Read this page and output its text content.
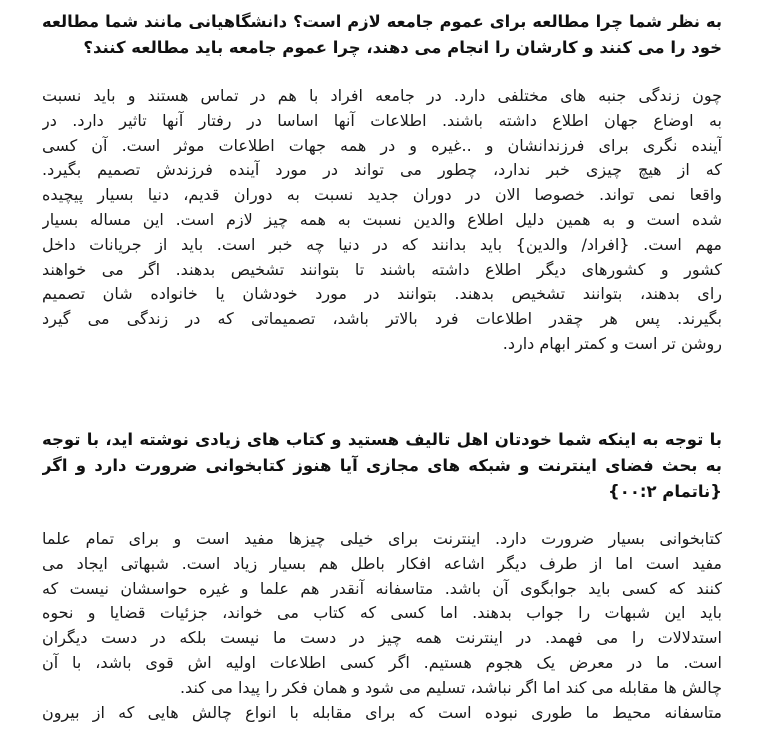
به نظر شما چرا مطالعه برای عموم جامعه لازم است؟ دانشگاهیانی مانند شما مطالعه
خود را می کنند و کارشان را انجام می دهند، چرا عموم جامعه باید مطالعه کنند؟
چون زندگی جنبه های مختلفی دارد. در جامعه افراد با هم در تماس هستند و باید نسبت
به اوضاع جهان اطلاع داشته باشند. اطلاعات آنها اساسا در رفتار آنها تاثیر دارد. در
آینده نگری برای فرزندانشان و ..غیره و در همه جهات اطلاعات موثر است. آن کسی
که از هیچ چیزی خبر ندارد، چطور می تواند در مورد آینده فرزندش تصمیم بگیرد.
واقعا نمی تواند. خصوصا الان در دوران جدید نسبت به دوران قدیم، دنیا بسیار پیچیده
شده است و به همین دلیل اطلاع والدین نسبت به همه چیز لازم است. این مساله بسیار
مهم است. {افراد/ والدین} باید بدانند که در دنیا چه خبر است. باید از جریانات داخل
کشور و کشورهای دیگر اطلاع داشته باشند تا بتوانند تشخیص بدهند. اگر می خواهند
رای بدهند، بتوانند تشخیص بدهند. بتوانند در مورد خودشان یا خانواده شان تصمیم
بگیرند. پس هر چقدر اطلاعات فرد بالاتر باشد، تصمیماتی که در زندگی می گیرد
روشن تر است و کمتر ابهام دارد.
با توجه به اینکه شما خودتان اهل تالیف هستید و کتاب های زیادی نوشته اید، با توجه
به بحث فضای اینترنت و شبکه های مجازی آیا هنوز کتابخوانی ضرورت دارد و اگر
{ناتمام ۰۰:۲}
کتابخوانی بسیار ضرورت دارد. اینترنت برای خیلی چیزها مفید است و برای تمام علما
مفید است اما از طرف دیگر اشاعه افکار باطل هم بسیار زیاد است. شبهاتی ایجاد می
کنند که کسی باید جوابگوی آن باشد. متاسفانه آنقدر هم علما و غیره حواسشان نیست که
باید این شبهات را جواب بدهند. اما کسی که کتاب می خواند، جزئیات قضایا و نحوه
استدلالات را می فهمد. در اینترنت همه چیز در دست ما نیست بلکه در دست دیگران
است. ما در معرض یک هجوم هستیم. اگر کسی اطلاعات اولیه اش قوی باشد، با آن
چالش ها مقابله می کند اما اگر نباشد، تسلیم می شود و همان فکر را پیدا می کند.
متاسفانه محیط ما طوری نبوده است که برای مقابله با انواع چالش هایی که از بیرون
